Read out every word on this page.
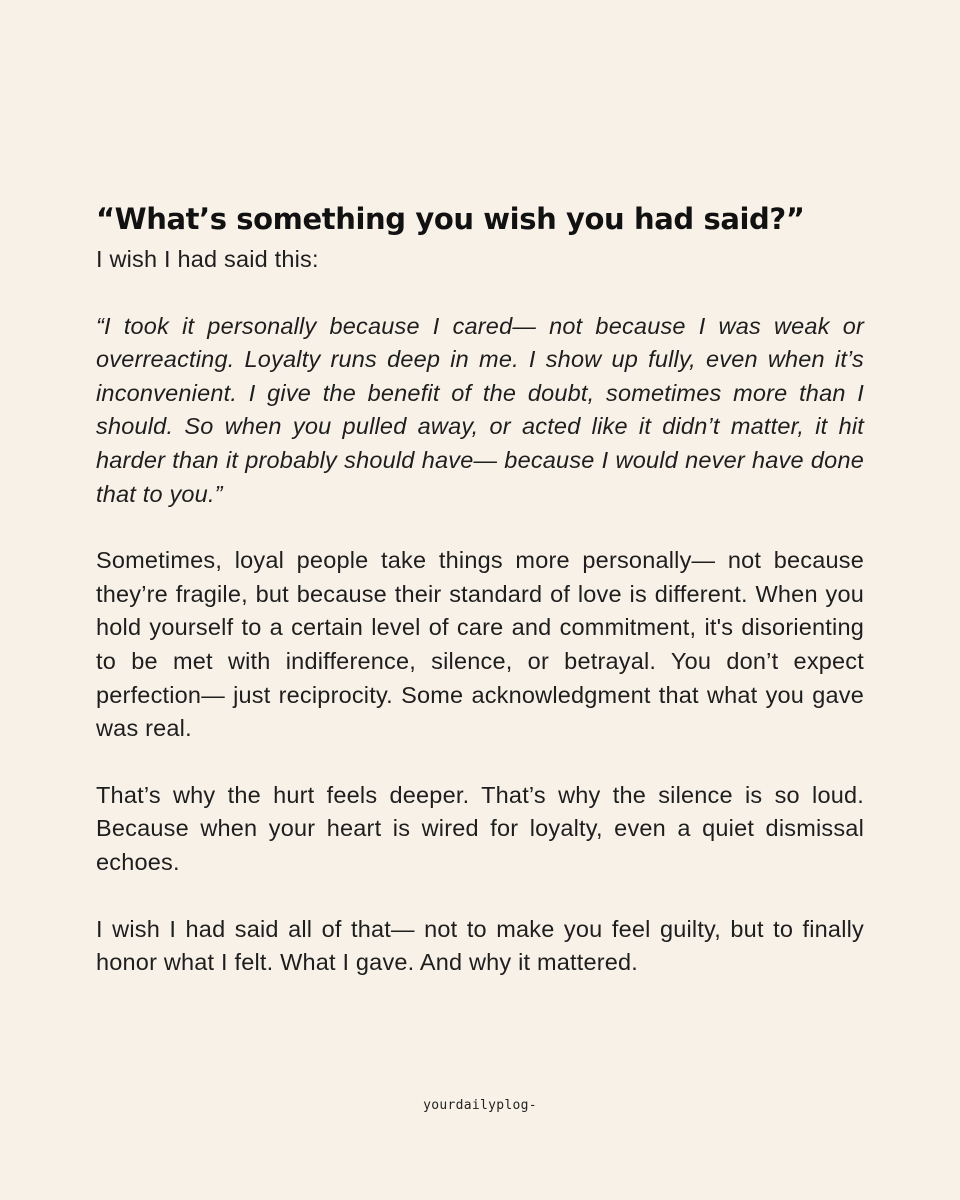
“What’s something you wish you had said?”

I wish I had said this:

“I took it personally because I cared— not because I was weak or overreacting. Loyalty runs deep in me. I show up fully, even when it’s inconvenient. I give the benefit of the doubt, sometimes more than I should. So when you pulled away, or acted like it didn’t matter, it hit harder than it probably should have— because I would never have done that to you.”

Sometimes, loyal people take things more personally— not because they’re fragile, but because their standard of love is different. When you hold yourself to a certain level of care and commitment, it's disorienting to be met with indifference, silence, or betrayal. You don’t expect perfection— just reciprocity. Some acknowledgment that what you gave was real.

That’s why the hurt feels deeper. That’s why the silence is so loud. Because when your heart is wired for loyalty, even a quiet dismissal echoes.

I wish I had said all of that— not to make you feel guilty, but to finally honor what I felt. What I gave. And why it mattered.

yourdailyplog-
